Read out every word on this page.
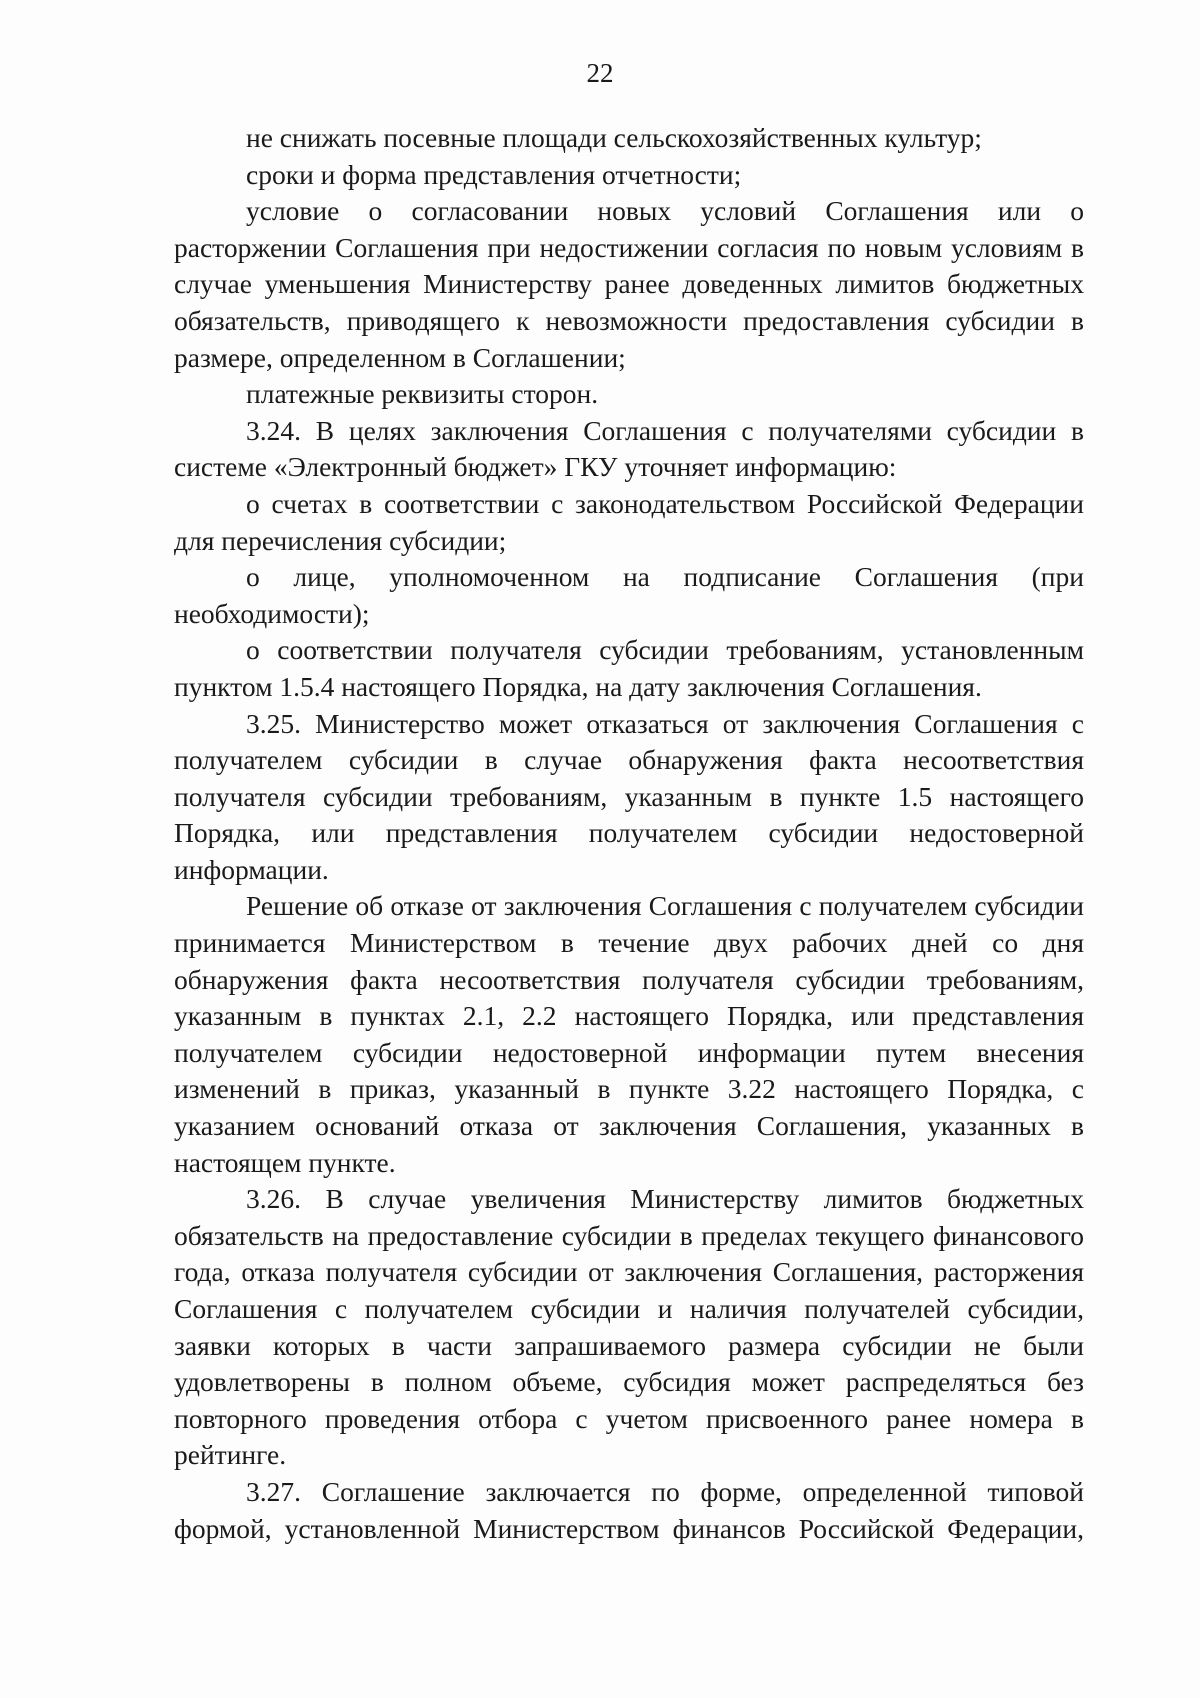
22

не снижать посевные площади сельскохозяйственных культур;

сроки и форма представления отчетности;

условие о согласовании новых условий Соглашения или о расторжении Соглашения при недостижении согласия по новым условиям в случае уменьшения Министерству ранее доведенных лимитов бюджетных обязательств, приводящего к невозможности предоставления субсидии в размере, определенном в Соглашении;

платежные реквизиты сторон.

3.24. В целях заключения Соглашения с получателями субсидии в системе «Электронный бюджет» ГКУ уточняет информацию:

о счетах в соответствии с законодательством Российской Федерации для перечисления субсидии;

о лице, уполномоченном на подписание Соглашения (при необходимости);

о соответствии получателя субсидии требованиям, установленным пунктом 1.5.4 настоящего Порядка, на дату заключения Соглашения.

3.25. Министерство может отказаться от заключения Соглашения с получателем субсидии в случае обнаружения факта несоответствия получателя субсидии требованиям, указанным в пункте 1.5 настоящего Порядка, или представления получателем субсидии недостоверной информации.

Решение об отказе от заключения Соглашения с получателем субсидии принимается Министерством в течение двух рабочих дней со дня обнаружения факта несоответствия получателя субсидии требованиям, указанным в пунктах 2.1, 2.2 настоящего Порядка, или представления получателем субсидии недостоверной информации путем внесения изменений в приказ, указанный в пункте 3.22 настоящего Порядка, с указанием оснований отказа от заключения Соглашения, указанных в настоящем пункте.

3.26. В случае увеличения Министерству лимитов бюджетных обязательств на предоставление субсидии в пределах текущего финансового года, отказа получателя субсидии от заключения Соглашения, расторжения Соглашения с получателем субсидии и наличия получателей субсидии, заявки которых в части запрашиваемого размера субсидии не были удовлетворены в полном объеме, субсидия может распределяться без повторного проведения отбора с учетом присвоенного ранее номера в рейтинге.

3.27. Соглашение заключается по форме, определенной типовой формой, установленной Министерством финансов Российской Федерации,
